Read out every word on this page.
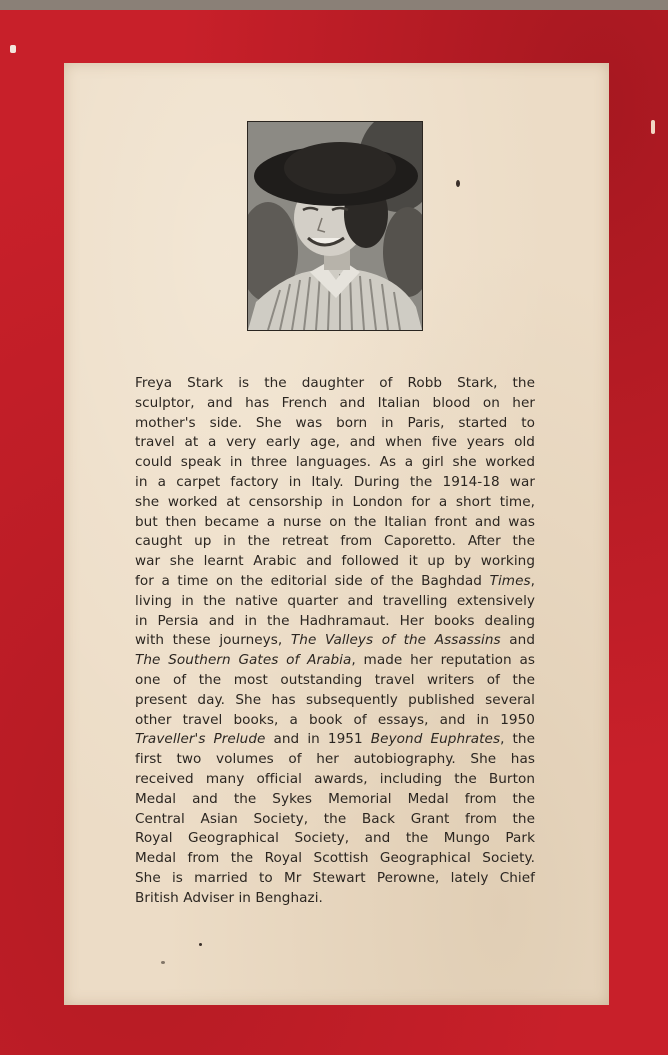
Freya Stark is the daughter of Robb Stark, the
sculptor, and has French and Italian blood on her
mother's side. She was born in Paris, started to
travel at a very early age, and when five years old
could speak in three languages. As a girl she worked
in a carpet factory in Italy. During the 1914-18 war
she worked at censorship in London for a short time,
but then became a nurse on the Italian front and was
caught up in the retreat from Caporetto. After the
war she learnt Arabic and followed it up by working
for a time on the editorial side of the Baghdad Times,
living in the native quarter and travelling extensively
in Persia and in the Hadhramaut. Her books dealing
with these journeys, The Valleys of the Assassins and
The Southern Gates of Arabia, made her reputation as
one of the most outstanding travel writers of the
present day. She has subsequently published several
other travel books, a book of essays, and in 1950
Traveller's Prelude and in 1951 Beyond Euphrates, the
first two volumes of her autobiography. She has
received many official awards, including the Burton
Medal and the Sykes Memorial Medal from the
Central Asian Society, the Back Grant from the
Royal Geographical Society, and the Mungo Park
Medal from the Royal Scottish Geographical Society.
She is married to Mr Stewart Perowne, lately Chief
British Adviser in Benghazi.
